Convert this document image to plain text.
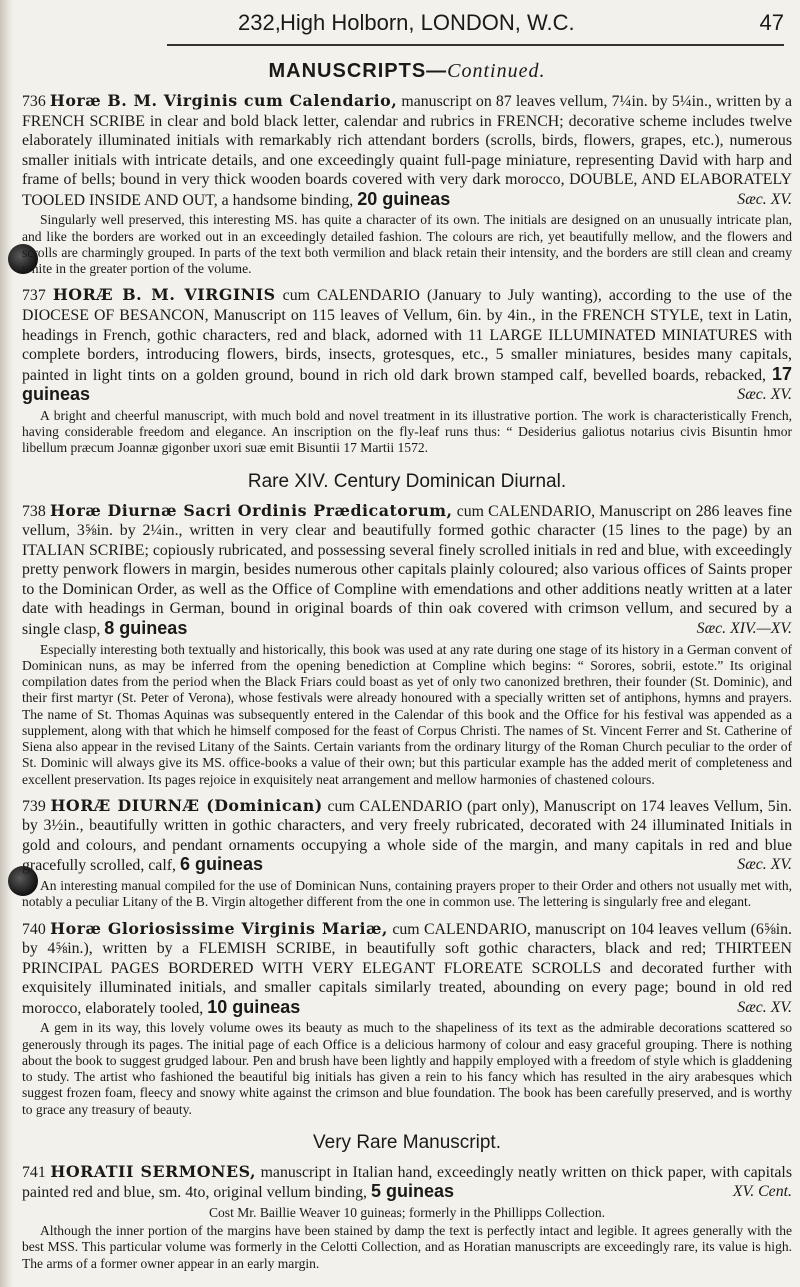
232, High Holborn, LONDON, W.C.	47
MANUSCRIPTS—Continued.
736 Horæ B. M. Virginis cum Calendario, manuscript on 87 leaves vellum, 7¼in. by 5¼in., written by a FRENCH SCRIBE in clear and bold black letter, calendar and rubrics in FRENCH; decorative scheme includes twelve elaborately illuminated initials with remarkably rich attendant borders (scrolls, birds, flowers, grapes, etc.), numerous smaller initials with intricate details, and one exceedingly quaint full-page miniature, representing David with harp and frame of bells; bound in very thick wooden boards covered with very dark morocco, DOUBLE, AND ELABORATELY TOOLED INSIDE AND OUT, a handsome binding, 20 guineas	Sæc. XV.
Singularly well preserved, this interesting MS. has quite a character of its own. The initials are designed on an unusually intricate plan, and like the borders are worked out in an exceedingly detailed fashion. The colours are rich, yet beautifully mellow, and the flowers and scrolls are charmingly grouped. In parts of the text both vermilion and black retain their intensity, and the borders are still clean and creamy white in the greater portion of the volume.
737 HORÆ B. M. VIRGINIS cum CALENDARIO (January to July wanting), according to the use of the DIOCESE OF BESANCON, Manuscript on 115 leaves of Vellum, 6in. by 4in., in the FRENCH STYLE, text in Latin, headings in French, gothic characters, red and black, adorned with 11 LARGE ILLUMINATED MINIATURES with complete borders, introducing flowers, birds, insects, grotesques, etc., 5 smaller miniatures, besides many capitals, painted in light tints on a golden ground, bound in rich old dark brown stamped calf, bevelled boards, rebacked, 17 guineas	Sæc. XV.
A bright and cheerful manuscript, with much bold and novel treatment in its illustrative portion. The work is characteristically French, having considerable freedom and elegance. An inscription on the fly-leaf runs thus: “ Desiderius galiotus notarius civis Bisuntin hmor libellum præcum Joannæ gigonber uxori suæ emit Bisuntii 17 Martii 1572.
Rare XIV. Century Dominican Diurnal.
738 Horæ Diurnæ Sacri Ordinis Prædicatorum, cum CALENDARIO, Manuscript on 286 leaves fine vellum, 3⅝in. by 2¼in., written in very clear and beautifully formed gothic character (15 lines to the page) by an ITALIAN SCRIBE; copiously rubricated, and possessing several finely scrolled initials in red and blue, with exceedingly pretty penwork flowers in margin, besides numerous other capitals plainly coloured; also various offices of Saints proper to the Dominican Order, as well as the Office of Compline with emendations and other additions neatly written at a later date with headings in German, bound in original boards of thin oak covered with crimson vellum, and secured by a single clasp, 8 guineas	Sæc. XIV.—XV.
Especially interesting both textually and historically, this book was used at any rate during one stage of its history in a German convent of Dominican nuns, as may be inferred from the opening benediction at Compline which begins: “ Sorores, sobrii, estote.” Its original compilation dates from the period when the Black Friars could boast as yet of only two canonized brethren, their founder (St. Dominic), and their first martyr (St. Peter of Verona), whose festivals were already honoured with a specially written set of antiphons, hymns and prayers. The name of St. Thomas Aquinas was subsequently entered in the Calendar of this book and the Office for his festival was appended as a supplement, along with that which he himself composed for the feast of Corpus Christi. The names of St. Vincent Ferrer and St. Catherine of Siena also appear in the revised Litany of the Saints. Certain variants from the ordinary liturgy of the Roman Church peculiar to the order of St. Dominic will always give its MS. office-books a value of their own; but this particular example has the added merit of completeness and excellent preservation. Its pages rejoice in exquisitely neat arrangement and mellow harmonies of chastened colours.
739 HORÆ DIURNÆ (Dominican) cum CALENDARIO (part only), Manuscript on 174 leaves Vellum, 5in. by 3½in., beautifully written in gothic characters, and very freely rubricated, decorated with 24 illuminated Initials in gold and colours, and pendant ornaments occupying a whole side of the margin, and many capitals in red and blue gracefully scrolled, calf, 6 guineas	Sæc. XV.
An interesting manual compiled for the use of Dominican Nuns, containing prayers proper to their Order and others not usually met with, notably a peculiar Litany of the B. Virgin altogether different from the one in common use. The lettering is singularly free and elegant.
740 Horæ Gloriosissime Virginis Mariæ, cum CALENDARIO, manuscript on 104 leaves vellum (6⅝in. by 4⅝in.), written by a FLEMISH SCRIBE, in beautifully soft gothic characters, black and red; THIRTEEN PRINCIPAL PAGES BORDERED WITH VERY ELEGANT FLOREATE SCROLLS and decorated further with exquisitely illuminated initials, and smaller capitals similarly treated, abounding on every page; bound in old red morocco, elaborately tooled, 10 guineas	Sæc. XV.
A gem in its way, this lovely volume owes its beauty as much to the shapeliness of its text as the admirable decorations scattered so generously through its pages. The initial page of each Office is a delicious harmony of colour and easy graceful grouping. There is nothing about the book to suggest grudged labour. Pen and brush have been lightly and happily employed with a freedom of style which is gladdening to study. The artist who fashioned the beautiful big initials has given a rein to his fancy which has resulted in the airy arabesques which suggest frozen foam, fleecy and snowy white against the crimson and blue foundation. The book has been carefully preserved, and is worthy to grace any treasury of beauty.
Very Rare Manuscript.
741 HORATII SERMONES, manuscript in Italian hand, exceedingly neatly written on thick paper, with capitals painted red and blue, sm. 4to, original vellum binding, 5 guineas	XV. Cent.
Cost Mr. Baillie Weaver 10 guineas; formerly in the Phillipps Collection.
Although the inner portion of the margins have been stained by damp the text is perfectly intact and legible. It agrees generally with the best MSS. This particular volume was formerly in the Celotti Collection, and as Horatian manuscripts are exceedingly rare, its value is high. The arms of a former owner appear in an early margin.
